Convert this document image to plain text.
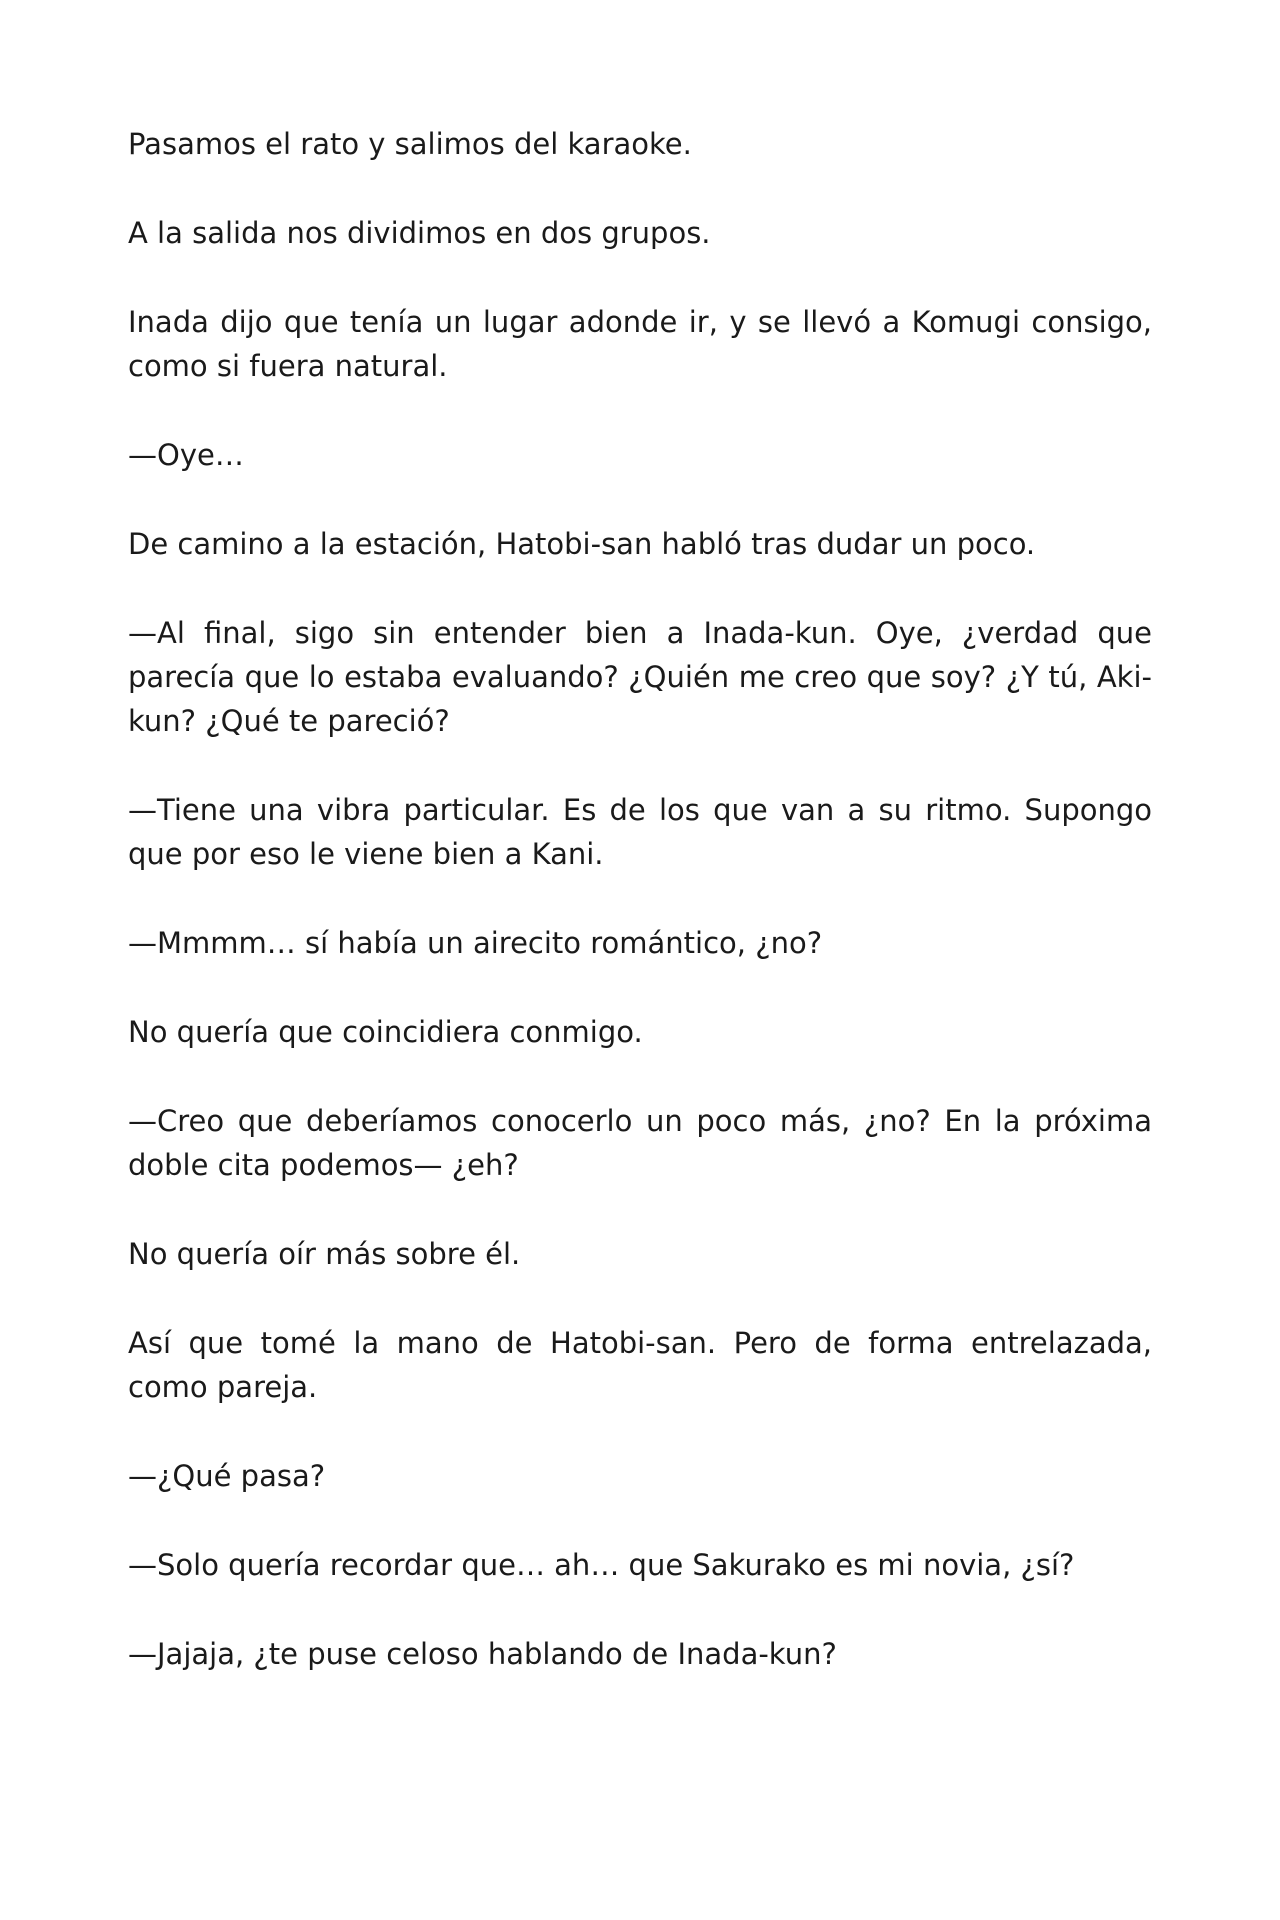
Pasamos el rato y salimos del karaoke.

A la salida nos dividimos en dos grupos.

Inada dijo que tenía un lugar adonde ir, y se llevó a Komugi consigo, como si fuera natural.

—Oye…

De camino a la estación, Hatobi-san habló tras dudar un poco.

—Al final, sigo sin entender bien a Inada-kun. Oye, ¿verdad que parecía que lo estaba evaluando? ¿Quién me creo que soy? ¿Y tú, Aki-kun? ¿Qué te pareció?

—Tiene una vibra particular. Es de los que van a su ritmo. Supongo que por eso le viene bien a Kani.

—Mmmm… sí había un airecito romántico, ¿no?

No quería que coincidiera conmigo.

—Creo que deberíamos conocerlo un poco más, ¿no? En la próxima doble cita podemos— ¿eh?

No quería oír más sobre él.

Así que tomé la mano de Hatobi-san. Pero de forma entrelazada, como pareja.

—¿Qué pasa?

—Solo quería recordar que… ah… que Sakurako es mi novia, ¿sí?

—Jajaja, ¿te puse celoso hablando de Inada-kun?
